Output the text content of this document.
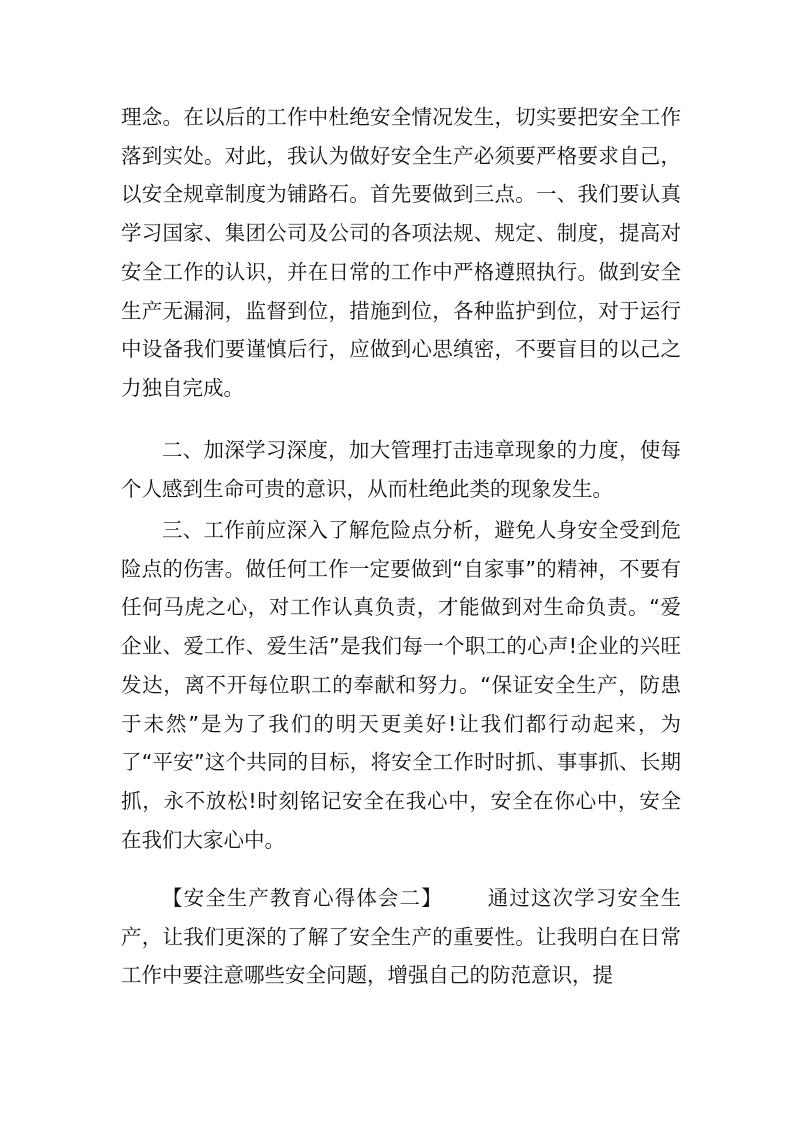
理念。在以后的工作中杜绝安全情况发生，切实要把安全工作落到实处。对此，我认为做好安全生产必须要严格要求自己，以安全规章制度为铺路石。首先要做到三点。一、我们要认真学习国家、集团公司及公司的各项法规、规定、制度，提高对安全工作的认识，并在日常的工作中严格遵照执行。做到安全生产无漏洞，监督到位，措施到位，各种监护到位，对于运行中设备我们要谨慎后行，应做到心思缜密，不要盲目的以己之力独自完成。

二、加深学习深度，加大管理打击违章现象的力度，使每个人感到生命可贵的意识，从而杜绝此类的现象发生。

三、工作前应深入了解危险点分析，避免人身安全受到危险点的伤害。做任何工作一定要做到“自家事”的精神，不要有任何马虎之心，对工作认真负责，才能做到对生命负责。“爱企业、爱工作、爱生活”是我们每一个职工的心声!企业的兴旺发达，离不开每位职工的奉献和努力。“保证安全生产，防患于未然”是为了我们的明天更美好!让我们都行动起来，为了“平安”这个共同的目标，将安全工作时时抓、事事抓、长期抓，永不放松!时刻铭记安全在我心中，安全在你心中，安全在我们大家心中。

【安全生产教育心得体会二】 通过这次学习安全生产，让我们更深的了解了安全生产的重要性。让我明白在日常工作中要注意哪些安全问题，增强自己的防范意识，提
